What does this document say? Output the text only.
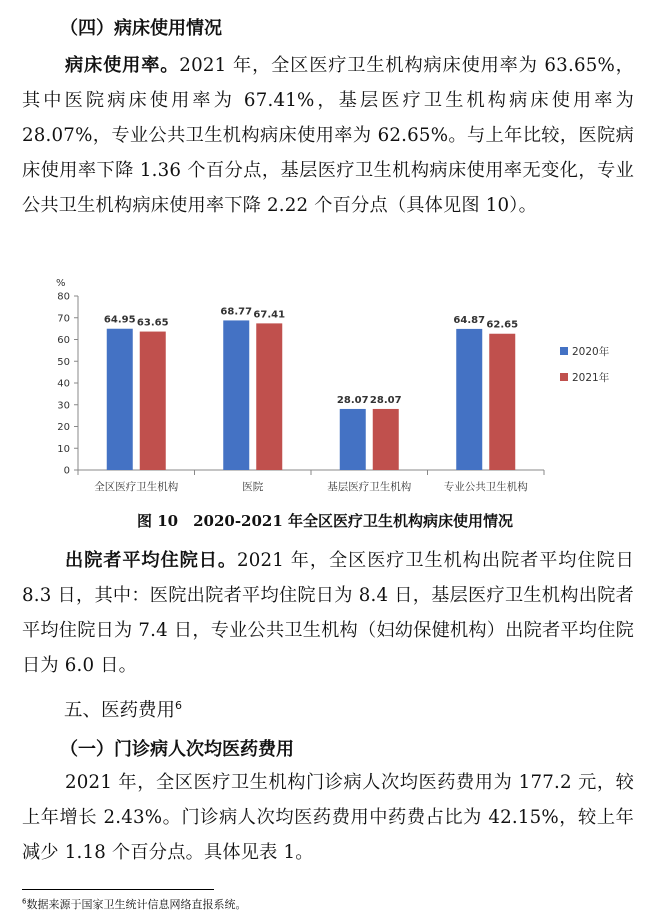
（四）病床使用情况

病床使用率。2021 年，全区医疗卫生机构病床使用率为 63.65%，其中医院病床使用率为 67.41%，基层医疗卫生机构病床使用率为 28.07%，专业公共卫生机构病床使用率为 62.65%。与上年比较，医院病床使用率下降 1.36 个百分点，基层医疗卫生机构病床使用率无变化，专业公共卫生机构病床使用率下降 2.22 个百分点（具体见图 10）。

%
0
10
20
30
40
50
60
70
80
全区医疗卫生机构
64.95 63.65
医院
68.77 67.41
基层医疗卫生机构
28.07 28.07
专业公共卫生机构
64.87 62.65
2020年
2021年

图 10　2020-2021 年全区医疗卫生机构病床使用情况

出院者平均住院日。2021 年，全区医疗卫生机构出院者平均住院日 8.3 日，其中：医院出院者平均住院日为 8.4 日，基层医疗卫生机构出院者平均住院日为 7.4 日，专业公共卫生机构（妇幼保健机构）出院者平均住院日为 6.0 日。

五、医药费用$^6$

（一）门诊病人次均医药费用

2021 年，全区医疗卫生机构门诊病人次均医药费用为 177.2 元，较上年增长 2.43%。门诊病人次均医药费用中药费占比为 42.15%，较上年减少 1.18 个百分点。具体见表 1。

$^6$数据来源于国家卫生统计信息网络直报系统。
